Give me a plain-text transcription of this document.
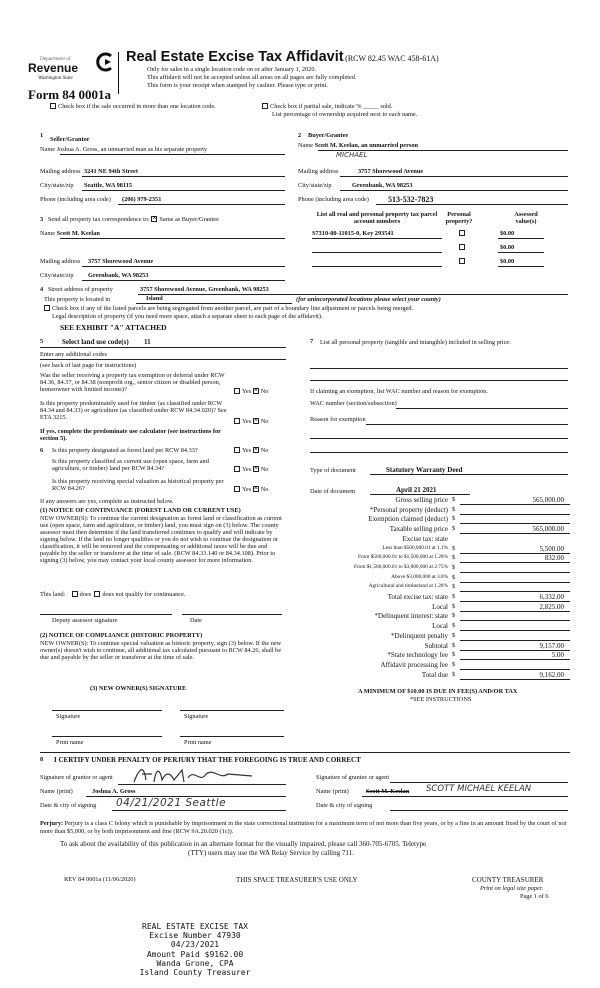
Department of
Revenue
Washington State
Form 84 0001a
Real Estate Excise Tax Affidavit (RCW 82.45 WAC 458-61A)
Only for sales in a single location code on or after January 1, 2020.
This affidavit will not be accepted unless all areas on all pages are fully completed.
This form is your receipt when stamped by cashier. Please type or print.
Check box if the sale occurred in more than one location code.	Check box if partial sale, indicate % _____ sold.
List percentage of ownership acquired next to each name.
1
Seller/Grantor
Name Joshua A. Gross, an unmarried man as his separate property
Mailing address 3241 NE 94th Street
City/state/zip Seattle, WA 98115
Phone (including area code) (206) 979-2351
2 Buyer/Grantee
Name Scott M. Keelan, an unmarried person
MICHAEL
Mailing address	3757 Shorewood Avenue
City/state/zip	Greenbank, WA 98253
Phone (including area code) 513-532-7823
3 Send all property tax correspondence to: × Same as Buyer/Grantee
Name Scott M. Keelan
Mailing address 3757 Shorewood Avenue
City/state/zip Greenbank, WA 98253
List all real and personal property tax parcel account numbers
Personal property?
Assessed value(s)
S7310-00-11015-0, Key 293541	$0.00
$0.00
$0.00
4 Street address of property	3757 Shorewood Avenue, Greenbank, WA 98253
This property is located in	Island	(for unincorporated locations please select your county)
Check box if any of the listed parcels are being segregated from another parcel, are part of a boundary line adjustment or parcels being merged.
Legal description of property (if you need more space, attach a separate sheet to each page of the affidavit).
SEE EXHIBIT "A" ATTACHED
5	Select land use code(s) 11
Enter any additional codes
(see back of last page for instructions)
Was the seller receiving a property tax exemption or deferral under RCW 84.36, 84.37, or 84.38 (nonprofit org., senior citizen or disabled person, homeowner with limited income)?	Yes × No
Is this property predominately used for timber (as classified under RCW 84.34 and 84.33) or agriculture (as classified under RCW 84.34.020)? See ETA 3215.
Yes × No
If yes, complete the predominate use calculator (see instructions for section 5).
6 Is this property designated as forest land per RCW 84.33?	Yes × No
Is this property classified as current use (open space, farm and agriculture, or timber) land per RCW 84.34?	Yes × No
Is this property receiving special valuation as historical property per RCW 84.26?	Yes × No
If any answers are yes, complete as instructed below.
(1) NOTICE OF CONTINUANCE (FOREST LAND OR CURRENT USE)
NEW OWNER(S): To continue the current designation as forest land or classification as current use (open space, farm and agriculture, or timber) land, you must sign on (3) below. The county assessor must then determine if the land transferred continues to qualify and will indicate by signing below. If the land no longer qualifies or you do not wish to continue the designation or classification, it will be removed and the compensating or additional taxes will be due and payable by the seller or transferor at the time of sale. (RCW 84.33.140 or 84.34.108). Prior to signing (3) below, you may contact your local county assessor for more information.
This land: does does not qualify for continuance.
Deputy assessor signature	Date
(2) NOTICE OF COMPLIANCE (HISTORIC PROPERTY)
NEW OWNER(S): To continue special valuation as historic property, sign (3) below. If the new owner(s) doesn't wish to continue, all additional tax calculated pursuant to RCW 84.26, shall be due and payable by the seller or transferor at the time of sale.
(3) NEW OWNER(S) SIGNATURE
Signature	Signature
Print name	Print name
7 List all personal property (tangible and intangible) included in selling price.
If claiming an exemption, list WAC number and reason for exemption.
WAC number (section/subsection)
Reason for exemption
Type of document	Statutory Warranty Deed
Date of document	April 21 2021
Gross selling price $	565,000.00
*Personal property (deduct) $
Exemption claimed (deduct) $
Taxable selling price $	565,000.00
Excise tax: state
Less than $500,000.01 at 1.1% $	5,500.00
From $500,000.01 to $1,500,000 at 1.28% $	832.00
From $1,500,000.01 to $3,000,000 at 2.75% $
Above $3,000,000 at 3.0% $
Agricultural and timberland at 1.28% $
Total excise tax: state $	6,332.00
Local $	2,825.00
*Delinquent interest: state $
Local $
*Delinquent penalty $
Subtotal $	9,157.00
*State technology fee $	5.00
Affidavit processing fee $
Total due $	9,162.00
A MINIMUM OF $10.00 IS DUE IN FEE(S) AND/OR TAX
*SEE INSTRUCTIONS
8 I CERTIFY UNDER PENALTY OF PERJURY THAT THE FOREGOING IS TRUE AND CORRECT
Signature of grantor or agent
Name (print)	Joshua A. Gross
Date & city of signing 04/21/2021 Seattle
Signature of grantee or agent
Name (print)	Scott M. Keelan SCOTT MICHAEL KEELAN
Date & city of signing
Perjury: Perjury is a class C felony which is punishable by imprisonment in the state correctional institution for a maximum term of not more than five years, or by a fine in an amount fixed by the court of not more than $5,000, or by both imprisonment and fine (RCW 9A.20.020 (1c)).
To ask about the availability of this publication in an alternate format for the visually impaired, please call 360-705-6705. Teletype
(TTY) users may use the WA Relay Service by calling 711.
REV 84 0001a (11/06/2020)	THIS SPACE TREASURER'S USE ONLY	COUNTY TREASURER
Print on legal size paper.
Page 1 of 6
REAL ESTATE EXCISE TAX
Excise Number 47930
04/23/2021
Amount Paid $9162.00
Wanda Grone, CPA
Island County Treasurer
